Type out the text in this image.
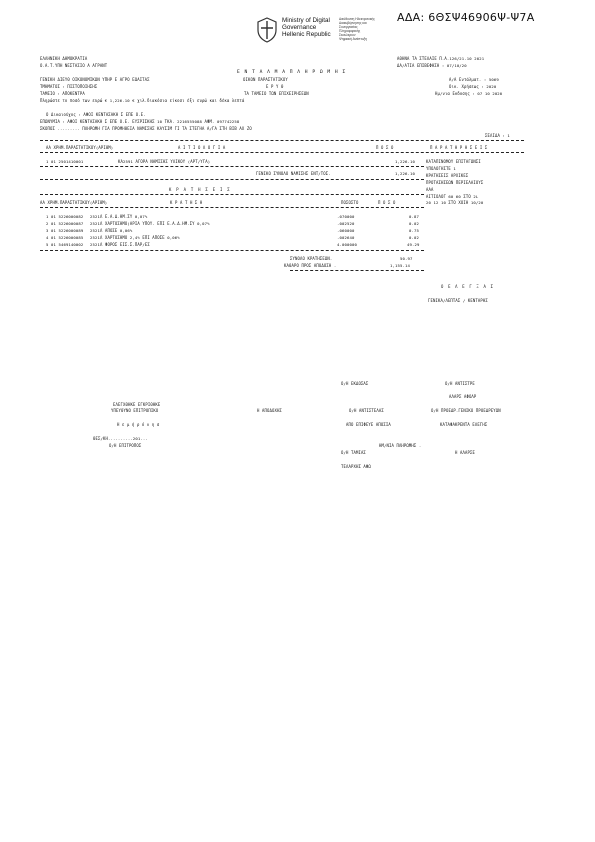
ΑΔΑ: 6ΘΣΨ46906Ψ-Ψ7Α
Ministry of Digital
Governance
Hellenic Republic
Διεύθυνση Ηλεκτρονικής
Διακυβέρνησης και
Συνεργασίας
Πληροφορικής
Σκουλεριον
Ψηφιακή Ανάπτυξη
ΕΛΛΗΝΙΚΗ ΔΗΜΟΚΡΑΤΙΑ
Ο.Α.Τ.ΥΠΗ ΝΕΣΤΑΣΙΟ Α ΑΓΡΑΝΤ
ΑΘΗΝΑ ΤΑ ΣΤΕΛΑΙΕ Π.Α.126/21.10 2021
ΔΑ/ΑΤΙΑ ΕΠΙΒΕΦΗΣΗ : 07/10/20
Ε Ν Τ Α Λ Μ Α Π Λ Η Ρ Ω Μ Η Σ
ΓΕΝΙΚΗ ΔΙΕΥΘ ΟΙΚΟΝΟΜΙΚΩΝ ΥΠΗΡ Ε ΑΓΡΟ ΕΩΑΙΤΑΣ	ΟΙΚΟΝ ΠΑΡΑΣΤΑΤΙΚΟΥ	Α/Α Εντάλματ. : 5069
ΤΜΗΜΑΤΟΣ : ΠΙΣΤΟΠΟΙΗΣΗΣ	Ε Ρ Υ Θ	Οικ. Χρήσεως : 2020
ΤΑΜΕΙΟ : ΑΠΟΚΕΝΤΡΑ	ΤΑ ΤΑΜΕΙΟ ΤΩΝ ΕΠΙΧΕΙΡΗΣΕΩΝ	Ημ/νια Εκδοσης : 07 10 2020
Πληρώστε το ποσό των ευρώ € 1,226.10 € χιλ.διακόσια είκοσι έξι ευρώ και δέκα λεπτά
Ο Δικαιούχος : ΑΦΟΙ ΚΕΝΤΑΣΑΚΗ Σ ΕΠΕ Ο.Ε.
ΕΠΩΝΥΜΙΑ : ΑΦΟΙ ΚΕΝΤΑΣΑΚΗ Σ ΕΠΕ Ο.Ε. ΕΥΣΡΙΣΚΗΣ 10 ΤΚΑ. 2216555088 ΑΦΜ. 097742258
ΣΚΟΠΟΣ ......... ΠΛΗΡΩΜΗ ΓΙΑ ΠΡΟΜΗΘΕΙΑ ΝΑΜΙΣΗΣ ΚΑΥΣΙΜ ΓΙ ΤΑ ΣΤΕΓΗΑ Α/ΓΑ ΣΤΗ ΒΙΒ ΑΧ ΖΟ
ΣΕΛΙΔΑ : 1
ΑΑ ΧΡΗΜ.ΠΑΡΑΣΤΑΤΙΚΟΥ(ΑΡΙΘΜ)	Α Ι Τ Ι Ο Λ Ο Γ Ι Α	Π Ο Σ Ο	Π Α Ρ Α Τ Η Ρ Η Σ Ε Ι Σ
1 01 2501410001	ΚΑ2591 ΑΓΟΡΑ ΝΑΜΙΣΗΣ ΥΛΙΚΟΥ (ΑΡΤ/ΥΓΑ)	1,226.10	ΚΑΤΑΠΙΝΟΜΟΥ ΕΠΙΤΑΓΩΝΣΙ
ΓΕΝΙΚΟ ΣΥΝΟΛΟ ΝΑΜΙΣΗΣ ΕΝΤ/ΤΟΣ.	1,226.10
ΥΠΟΛΟΓΗΣΤΕ 1
ΚΡΑΤΗΣΕΙΣ ΑΡΧΙΚΕΣ
ΠΡΟΤΑΣΗΣΕΩΝ ΠΕΡΙΕΛΑΙΟΥΣ
ΑΑΑ
ΑΙΤΙΟΛΟΓ 60 60 ΣΤΟ 2L
20 12 10 ΣΤΟ ΧΟΙΗ 10/20
Κ Ρ Α Τ Η Σ Ε Ι Σ
ΑΑ ΧΡΗΜ.ΠΑΡΑΣΤΑΤΙΚΟΥ(ΑΡΙΘΜ)	Κ Ρ Α Τ Η Σ Η	ΠΟΣΟΣΤΟ	Π Ο Σ Ο
1 01 5226000082 2521Λ Ε.Α.Δ.ΗΜ.ΣΥ 0,07%	.070000	0.87
2 01 5226000087 2521Λ ΧΑΡΤΟΣΗΜΟ(ΑΡΙΑ ΥΠΟΥ. ΕΠΙ Ε.Α.Δ.ΗΜ.ΣΥ 0,07%	.002520	0.02
3 01 5226000089 2521Λ ΑΠΟΣΕ 0,06%	.060000	0.75
4 01 5226000085 2521Λ ΧΑΡΤΟΣΗΜΟ 2,4% ΕΠΙ ΑΠΟΣΕ 0,06%	.002640	0.02
5 01 5469140002 2521Λ ΦΟΡΟΣ ΕΙΣ.Σ.ΠΑΡ/ΕΣ	4.000000	49.29
ΣΥΝΟΛΟ ΚΡΑΤΗΣΕΩΝ.	50.97
ΚΑΘΑΡΟ ΠΡΟΣ ΑΠΟΔΟΣΗ .	1,155.14
Ο Ε Λ Ε Γ Ξ Α Σ
ΓΕΝΙΚΑ/ΛΕΠΤΑΣ / ΚΕΝΤΑΡΗΣ
Ο/Η ΕΚΔΟΣΑΣ	Ο/Η ΑΝΤΙΣΤΡΕ
ΑΛΑΡΣ ΑΦΟΛΡ
ΕΛΕΓΧΘΗΚΕ ΕΓΚΡΙΘΗΚΕ
ΥΠΕΥΘΥΝΟ ΕΠΙΤΡΟΠΙΚΟ	Η ΑΠΟΔΟΧΗΣ	Ο/Η ΑΝΤΙΣΤΕΛΑΣ	Ο/Η ΠΡΟΕΔΡ.ΓΕΝΙΚΟ ΠΡΟΕΔΡΕΥΩΝ
Η ε μ ή ρ ό ν η σ	ΑΠΟ ΕΠΙΦΕΥΕ ΑΠΟΣΙΑ	ΚΑΤΑΦΑΚΡΕΝΤΑ ΕΛΕΓΗΣ
ΘΕΣ/ΚΗ..........201...
Ο/Η ΕΠΙΤΡΟΠΟΣ	ΗΜ/ΝΙΑ ΠΛΗΡΩΜΗΣ .
Ο/Η ΤΑΜΙΑΣ	Η ΑΛΑΡΣΕ
ΤΕΛΑΡΧΗΣ ΑΦΩ
